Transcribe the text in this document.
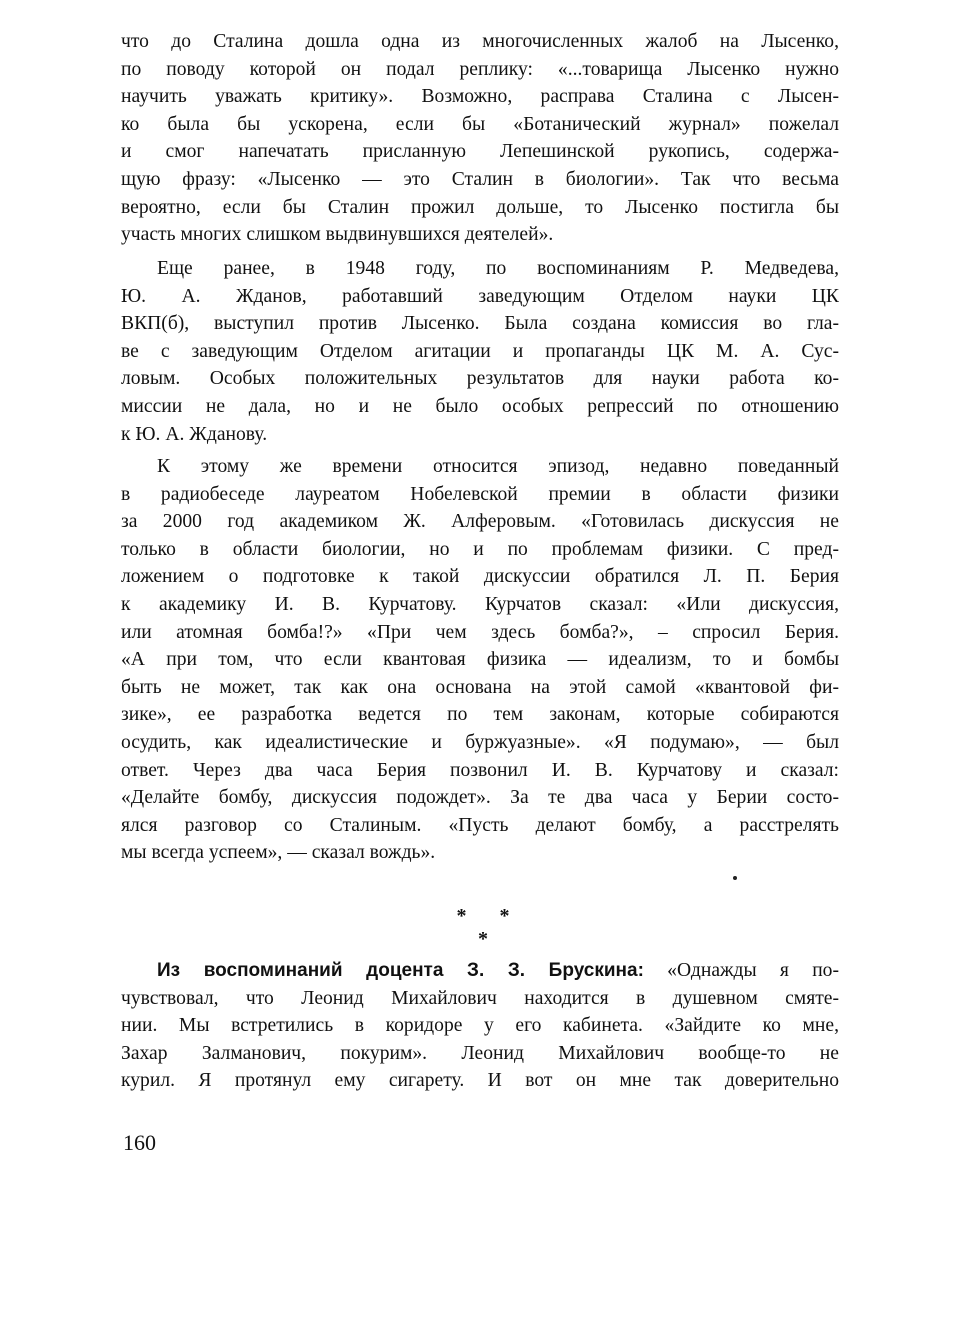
что до Сталина дошла одна из многочисленных жалоб на Лысенко,
по поводу которой он подал реплику: «...товарища Лысенко нужно
научить уважать критику». Возможно, расправа Сталина с Лысен-
ко была бы ускорена, если бы «Ботанический журнал» пожелал
и смог напечатать присланную Лепешинской рукопись, содержа-
щую фразу: «Лысенко — это Сталин в биологии». Так что весьма
вероятно, если бы Сталин прожил дольше, то Лысенко постигла бы
участь многих слишком выдвинувшихся деятелей».
Еще ранее, в 1948 году, по воспоминаниям Р. Медведева,
Ю. А. Жданов, работавший заведующим Отделом науки ЦК
ВКП(б), выступил против Лысенко. Была создана комиссия во гла-
ве с заведующим Отделом агитации и пропаганды ЦК М. А. Сус-
ловым. Особых положительных результатов для науки работа ко-
миссии не дала, но и не было особых репрессий по отношению
к Ю. А. Жданову.
К этому же времени относится эпизод, недавно поведанный
в радиобеседе лауреатом Нобелевской премии в области физики
за 2000 год академиком Ж. Алферовым. «Готовилась дискуссия не
только в области биологии, но и по проблемам физики. С пред-
ложением о подготовке к такой дискуссии обратился Л. П. Берия
к академику И. В. Курчатову. Курчатов сказал: «Или дискуссия,
или атомная бомба!?» «При чем здесь бомба?», – спросил Берия.
«А при том, что если квантовая физика — идеализм, то и бомбы
быть не может, так как она основана на этой самой «квантовой фи-
зике», ее разработка ведется по тем законам, которые собираются
осудить, как идеалистические и буржуазные». «Я подумаю», — был
ответ. Через два часа Берия позвонил И. В. Курчатову и сказал:
«Делайте бомбу, дискуссия подождет». За те два часа у Берии состо-
ялся разговор со Сталиным. «Пусть делают бомбу, а расстрелять
мы всегда успеем», — сказал вождь».
* * *
Из воспоминаний доцента З. З. Брускина: «Однажды я по-
чувствовал, что Леонид Михайлович находится в душевном смяте-
нии. Мы встретились в коридоре у его кабинета. «Зайдите ко мне,
Захар Залманович, покурим». Леонид Михайлович вообще-то не
курил. Я протянул ему сигарету. И вот он мне так доверительно
160
